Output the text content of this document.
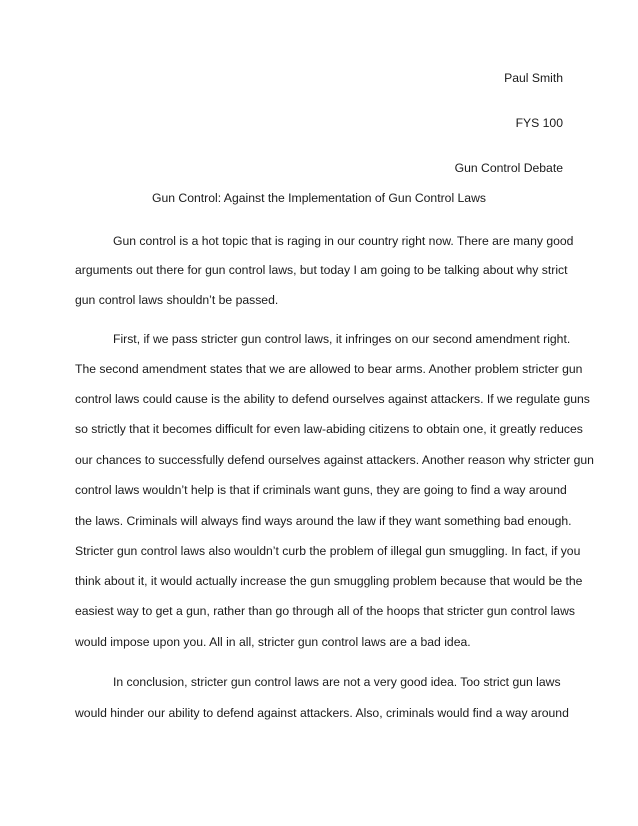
Paul Smith
FYS 100
Gun Control Debate
Gun Control: Against the Implementation of Gun Control Laws
Gun control is a hot topic that is raging in our country right now. There are many good
arguments out there for gun control laws, but today I am going to be talking about why strict
gun control laws shouldn’t be passed.
First, if we pass stricter gun control laws, it infringes on our second amendment right.
The second amendment states that we are allowed to bear arms. Another problem stricter gun
control laws could cause is the ability to defend ourselves against attackers. If we regulate guns
so strictly that it becomes difficult for even law-abiding citizens to obtain one, it greatly reduces
our chances to successfully defend ourselves against attackers. Another reason why stricter gun
control laws wouldn’t help is that if criminals want guns, they are going to find a way around
the laws. Criminals will always find ways around the law if they want something bad enough.
Stricter gun control laws also wouldn’t curb the problem of illegal gun smuggling. In fact, if you
think about it, it would actually increase the gun smuggling problem because that would be the
easiest way to get a gun, rather than go through all of the hoops that stricter gun control laws
would impose upon you. All in all, stricter gun control laws are a bad idea.
In conclusion, stricter gun control laws are not a very good idea. Too strict gun laws
would hinder our ability to defend against attackers. Also, criminals would find a way around
